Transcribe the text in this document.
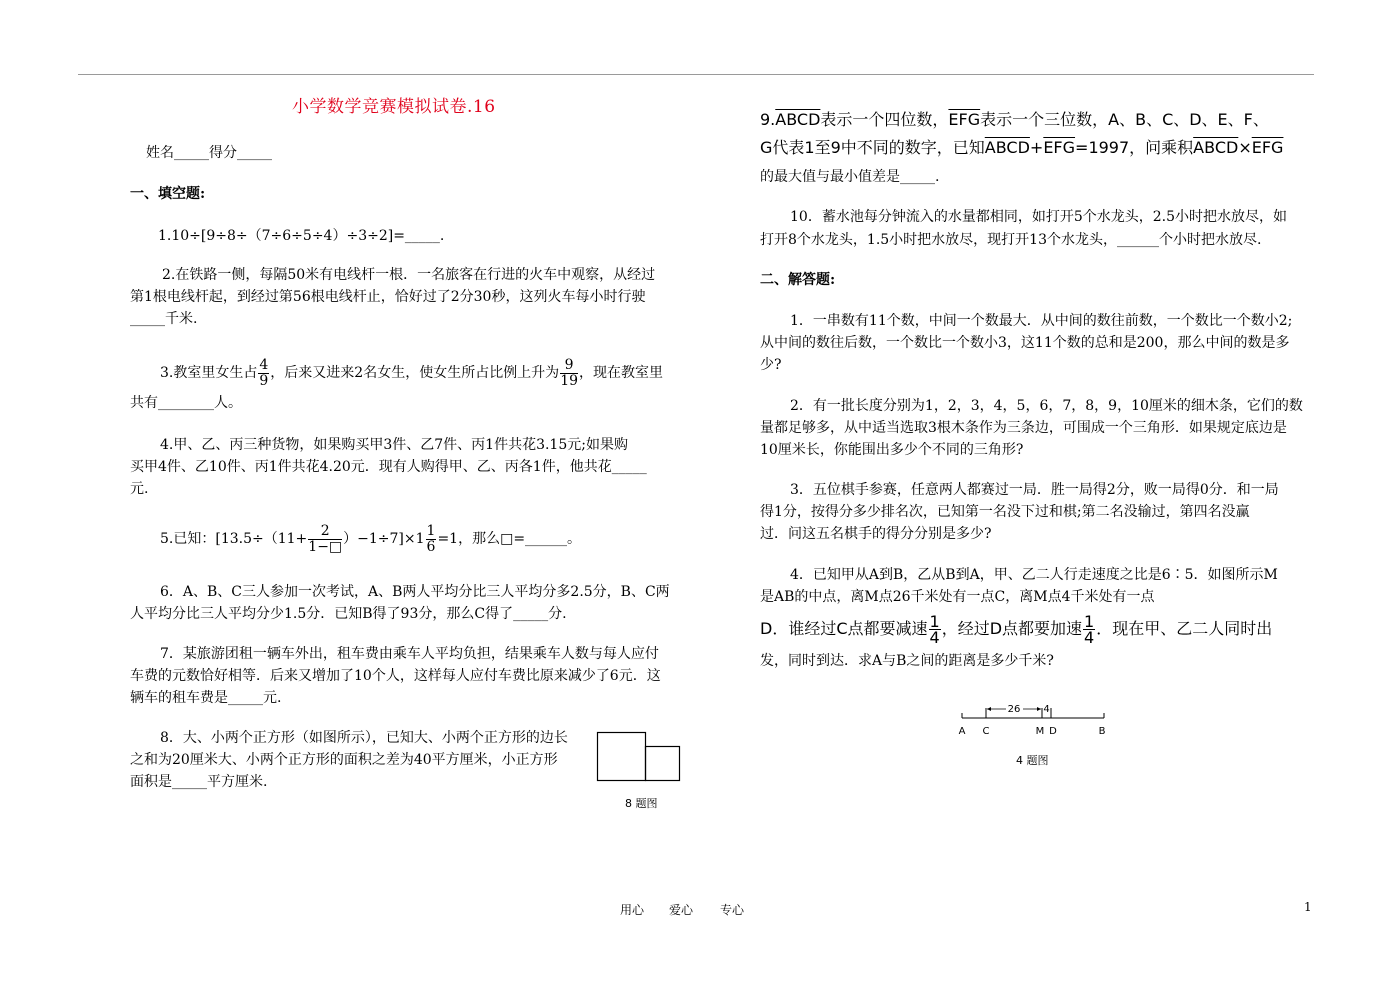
小学数学竞赛模拟试卷.16
姓名_____得分_____
一、填空题:
1.10÷[9÷8÷（7÷6÷5÷4）÷3÷2]=_____.
2.在铁路一侧，每隔50米有电线杆一根．一名旅客在行进的火车中观察，从经过
第1根电线杆起，到经过第56根电线杆止，恰好过了2分30秒，这列火车每小时行驶
_____千米.
3.教室里女生占 $\frac{4}{9}$ ，后来又进来2名女生，使女生所占比例上升为 $\frac{9}{19}$ ，现在教室里
共有________人。
4.甲、乙、丙三种货物，如果购买甲3件、乙7件、丙1件共花3.15元;如果购
买甲4件、乙10件、丙1件共花4.20元．现有人购得甲、乙、丙各1件，他共花_____
元.
5.已知：$[13.5\div(11+ \frac{2}{1-□} )-1\div 7]\times 1 \frac{1}{6} =1$，那么□=______。
6．A、B、C三人参加一次考试，A、B两人平均分比三人平均分多2.5分，B、C两
人平均分比三人平均分少1.5分．已知B得了93分，那么C得了_____分.
7．某旅游团租一辆车外出，租车费由乘车人平均负担，结果乘车人数与每人应付
车费的元数恰好相等．后来又增加了10个人，这样每人应付车费比原来减少了6元．这
辆车的租车费是_____元.
8．大、小两个正方形（如图所示），已知大、小两个正方形的边长
之和为20厘米大、小两个正方形的面积之差为40平方厘米，小正方形
面积是_____平方厘米.
8 题图
9.ABCD表示一个四位数，$\overline{EFG}$表示一个三位数，A、B、C、D、E、F、
G代表1至9中不同的数字，已知$ABCD+\overline{EFG}=1997$，问乘积$ABCD\times\overline{EFG}$
的最大值与最小值差是_____.
10．蓄水池每分钟流入的水量都相同，如打开5个水龙头，2.5小时把水放尽，如
打开8个水龙头，1.5小时把水放尽，现打开13个水龙头，______个小时把水放尽.
二、解答题:
1．一串数有11个数，中间一个数最大．从中间的数往前数，一个数比一个数小2;
从中间的数往后数，一个数比一个数小3，这11个数的总和是200，那么中间的数是多
少?
2．有一批长度分别为1，2，3，4，5，6，7，8，9，10厘米的细木条，它们的数
量都足够多，从中适当选取3根木条作为三条边，可围成一个三角形．如果规定底边是
10厘米长，你能围出多少个不同的三角形?
3．五位棋手参赛，任意两人都赛过一局．胜一局得2分，败一局得0分．和一局
得1分，按得分多少排名次，已知第一名没下过和棋;第二名没输过，第四名没赢
过．问这五名棋手的得分分别是多少?
4．已知甲从A到B，乙从B到A，甲、乙二人行走速度之比是6∶5．如图所示M
是AB的中点，离M点26千米处有一点C，离M点4千米处有一点
D．谁经过C点都要减速 $\frac{1}{4}$ ，经过D点都要加速 $\frac{1}{4}$ ．现在甲、乙二人同时出
发，同时到达．求A与B之间的距离是多少千米?
26 4
A C	M D	B
4 题图
用心 爱心 专心	1
